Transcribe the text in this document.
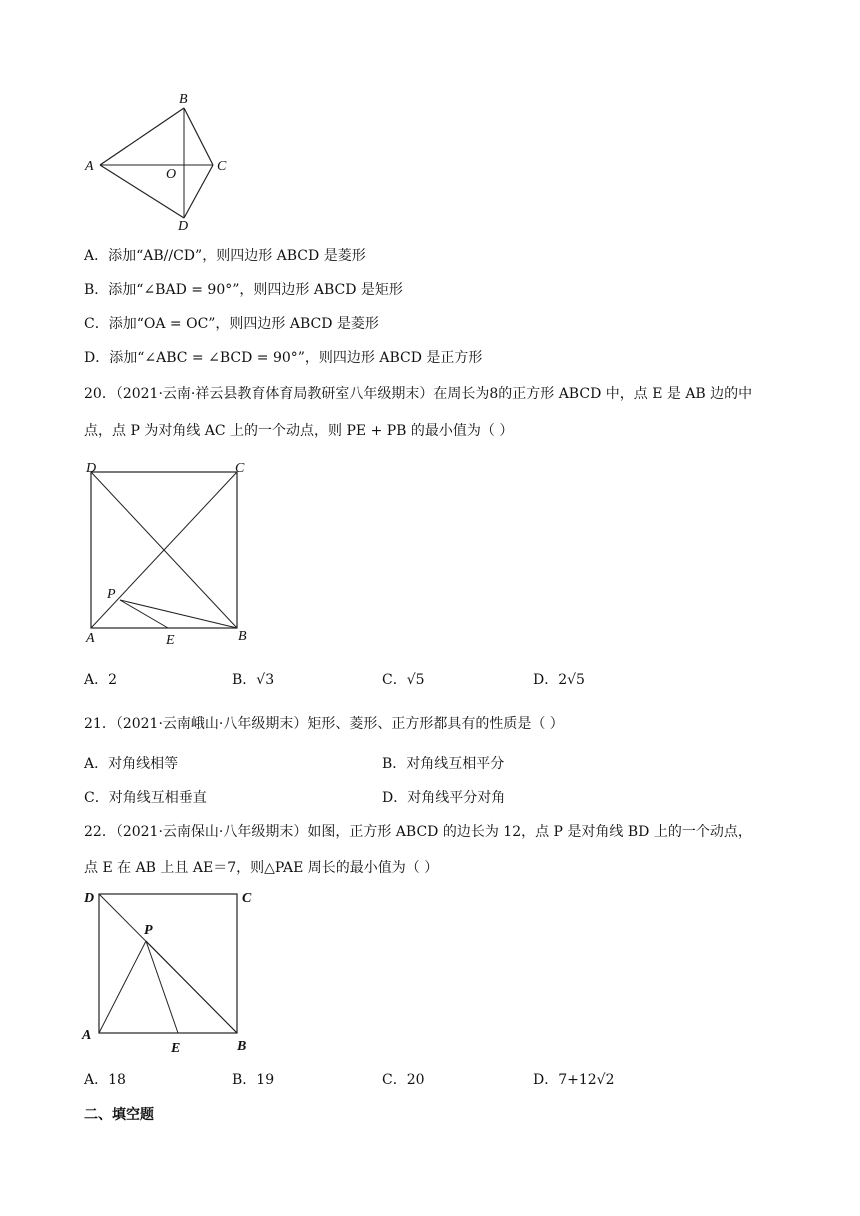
B
A	C
O
D
A．添加“AB//CD”，则四边形 ABCD 是菱形
B．添加“∠BAD = 90°”，则四边形 ABCD 是矩形
C．添加“OA = OC”，则四边形 ABCD 是菱形
D．添加“∠ABC = ∠BCD = 90°”，则四边形 ABCD 是正方形
20．（2021·云南·祥云县教育体育局教研室八年级期末）在周长为8的正方形 ABCD 中，点 E 是 AB 边的中
点，点 P 为对角线 AC 上的一个动点，则 PE + PB 的最小值为（ ）
D	C
P
A	E	B
A．2	B．√3	C．√5	D．2√5
21．（2021·云南峨山·八年级期末）矩形、菱形、正方形都具有的性质是（ ）
A．对角线相等	B．对角线互相平分
C．对角线互相垂直	D．对角线平分对角
22．（2021·云南保山·八年级期末）如图，正方形 ABCD 的边长为 12，点 P 是对角线 BD 上的一个动点，
点 E 在 AB 上且 AE＝7，则△PAE 周长的最小值为（ ）
D	C
P
A
E	B
A．18	B．19	C．20	D．7+12√2
二、填空题
